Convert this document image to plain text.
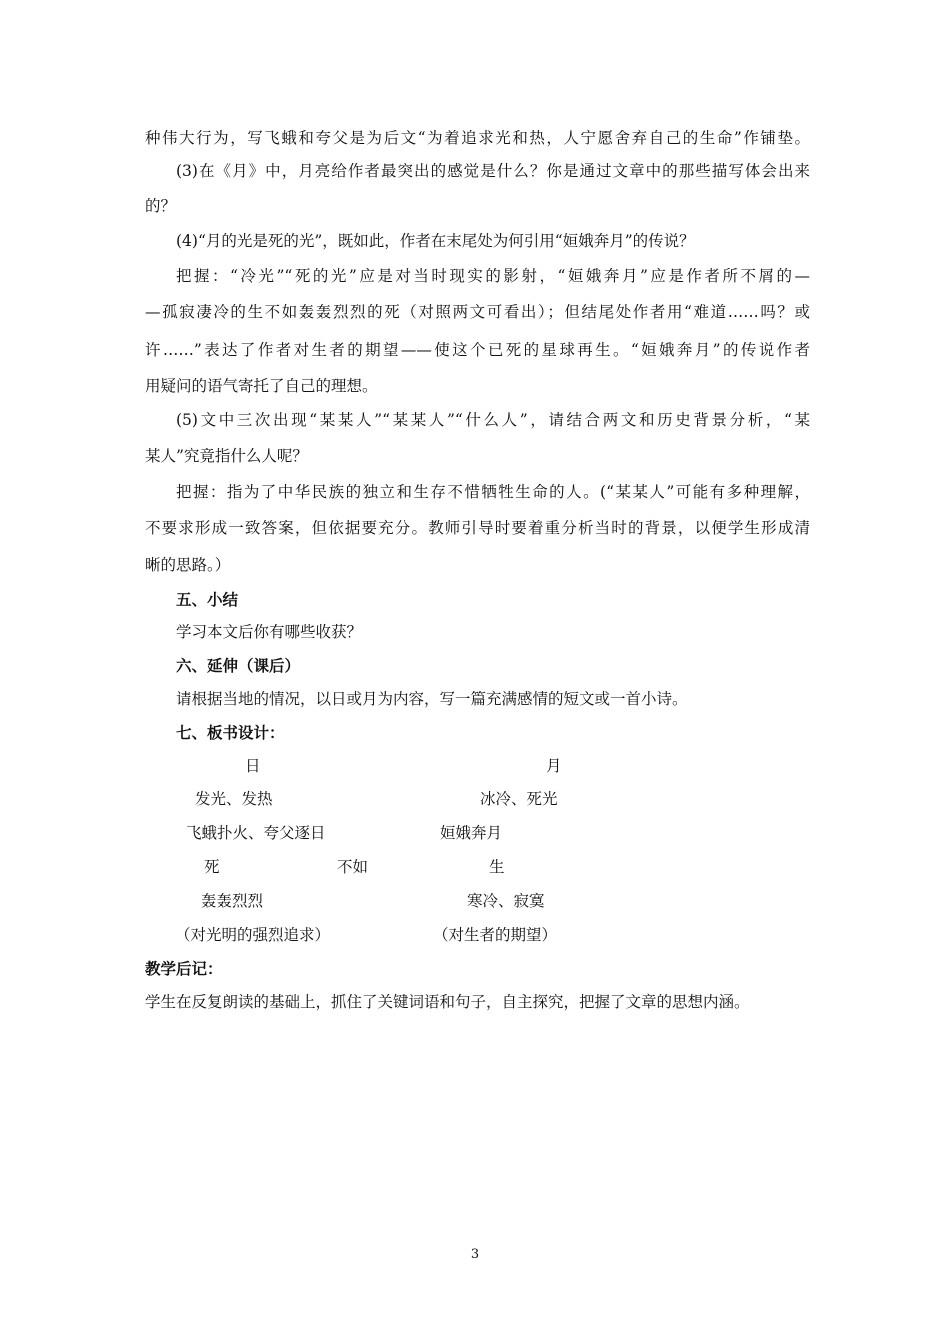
种伟大行为，写飞蛾和夸父是为后文“为着追求光和热，人宁愿舍弃自己的生命”作铺垫。
(3)在《月》中，月亮给作者最突出的感觉是什么？你是通过文章中的那些描写体会出来
的？
(4)“月的光是死的光”，既如此，作者在末尾处为何引用“姮娥奔月”的传说？
把握：“冷光”“死的光”应是对当时现实的影射，“姮娥奔月”应是作者所不屑的—
—孤寂凄冷的生不如轰轰烈烈的死（对照两文可看出）；但结尾处作者用“难道……吗？或
许……”表达了作者对生者的期望——使这个已死的星球再生。“姮娥奔月”的传说作者
用疑问的语气寄托了自己的理想。
(5)文中三次出现“某某人”“某某人”“什么人”，请结合两文和历史背景分析，“某
某人”究竟指什么人呢？
把握：指为了中华民族的独立和生存不惜牺牲生命的人。(“某某人”可能有多种理解，
不要求形成一致答案，但依据要充分。教师引导时要着重分析当时的背景，以便学生形成清
晰的思路。）
五、小结
学习本文后你有哪些收获？
六、延伸（课后）
请根据当地的情况，以日或月为内容，写一篇充满感情的短文或一首小诗。
七、板书设计：
日	月
发光、发热	冰冷、死光
飞蛾扑火、夸父逐日	姮娥奔月
死	不如	生
轰轰烈烈	寒冷、寂寞
（对光明的强烈追求）	（对生者的期望）
教学后记：
学生在反复朗读的基础上，抓住了关键词语和句子，自主探究，把握了文章的思想内涵。
3
